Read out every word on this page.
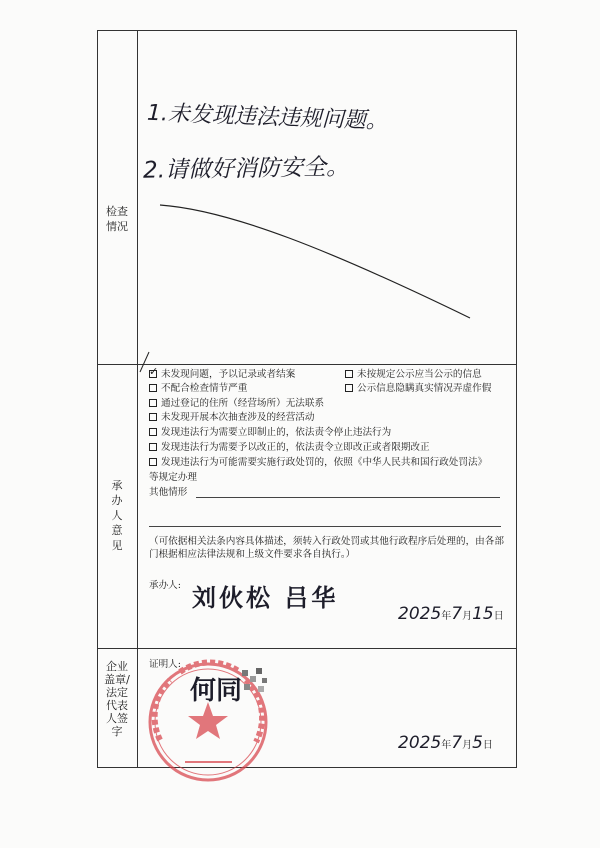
检查
情况
1.未发现违法违规问题。
2.请做好消防安全。
承
办
人
意
见
✓未发现问题，予以记录或者结案	未按规定公示应当公示的信息
不配合检查情节严重	公示信息隐瞒真实情况弄虚作假
通过登记的住所（经营场所）无法联系
未发现开展本次抽查涉及的经营活动
发现违法行为需要立即制止的，依法责令停止违法行为
发现违法行为需要予以改正的，依法责令立即改正或者限期改正
发现违法行为可能需要实施行政处罚的，依照《中华人民共和国行政处罚法》
等规定办理
其他情形
（可依据相关法条内容具体描述，须转入行政处罚或其他行政程序后处理的，由各部门根据相应法律法规和上级文件要求各自执行。）
承办人: 刘伙松 吕华
2025年7月15日
企业
盖章/
法定
代表
人签
字
证明人:
何同
2025年7月5日
